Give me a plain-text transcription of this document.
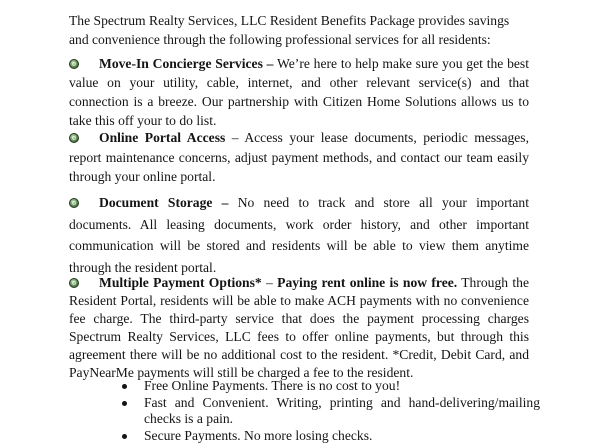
The Spectrum Realty Services, LLC Resident Benefits Package provides savings and convenience through the following professional services for all residents:

Move-In Concierge Services – We’re here to help make sure you get the best value on your utility, cable, internet, and other relevant service(s) and that connection is a breeze. Our partnership with Citizen Home Solutions allows us to take this off your to do list.

Online Portal Access – Access your lease documents, periodic messages, report maintenance concerns, adjust payment methods, and contact our team easily through your online portal.

Document Storage – No need to track and store all your important documents. All leasing documents, work order history, and other important communication will be stored and residents will be able to view them anytime through the resident portal.

Multiple Payment Options* – Paying rent online is now free. Through the Resident Portal, residents will be able to make ACH payments with no convenience fee charge. The third-party service that does the payment processing charges Spectrum Realty Services, LLC fees to offer online payments, but through this agreement there will be no additional cost to the resident. *Credit, Debit Card, and PayNearMe payments will still be charged a fee to the resident.

Free Online Payments. There is no cost to you!
Fast and Convenient. Writing, printing and hand-delivering/mailing checks is a pain.
Secure Payments. No more losing checks.
